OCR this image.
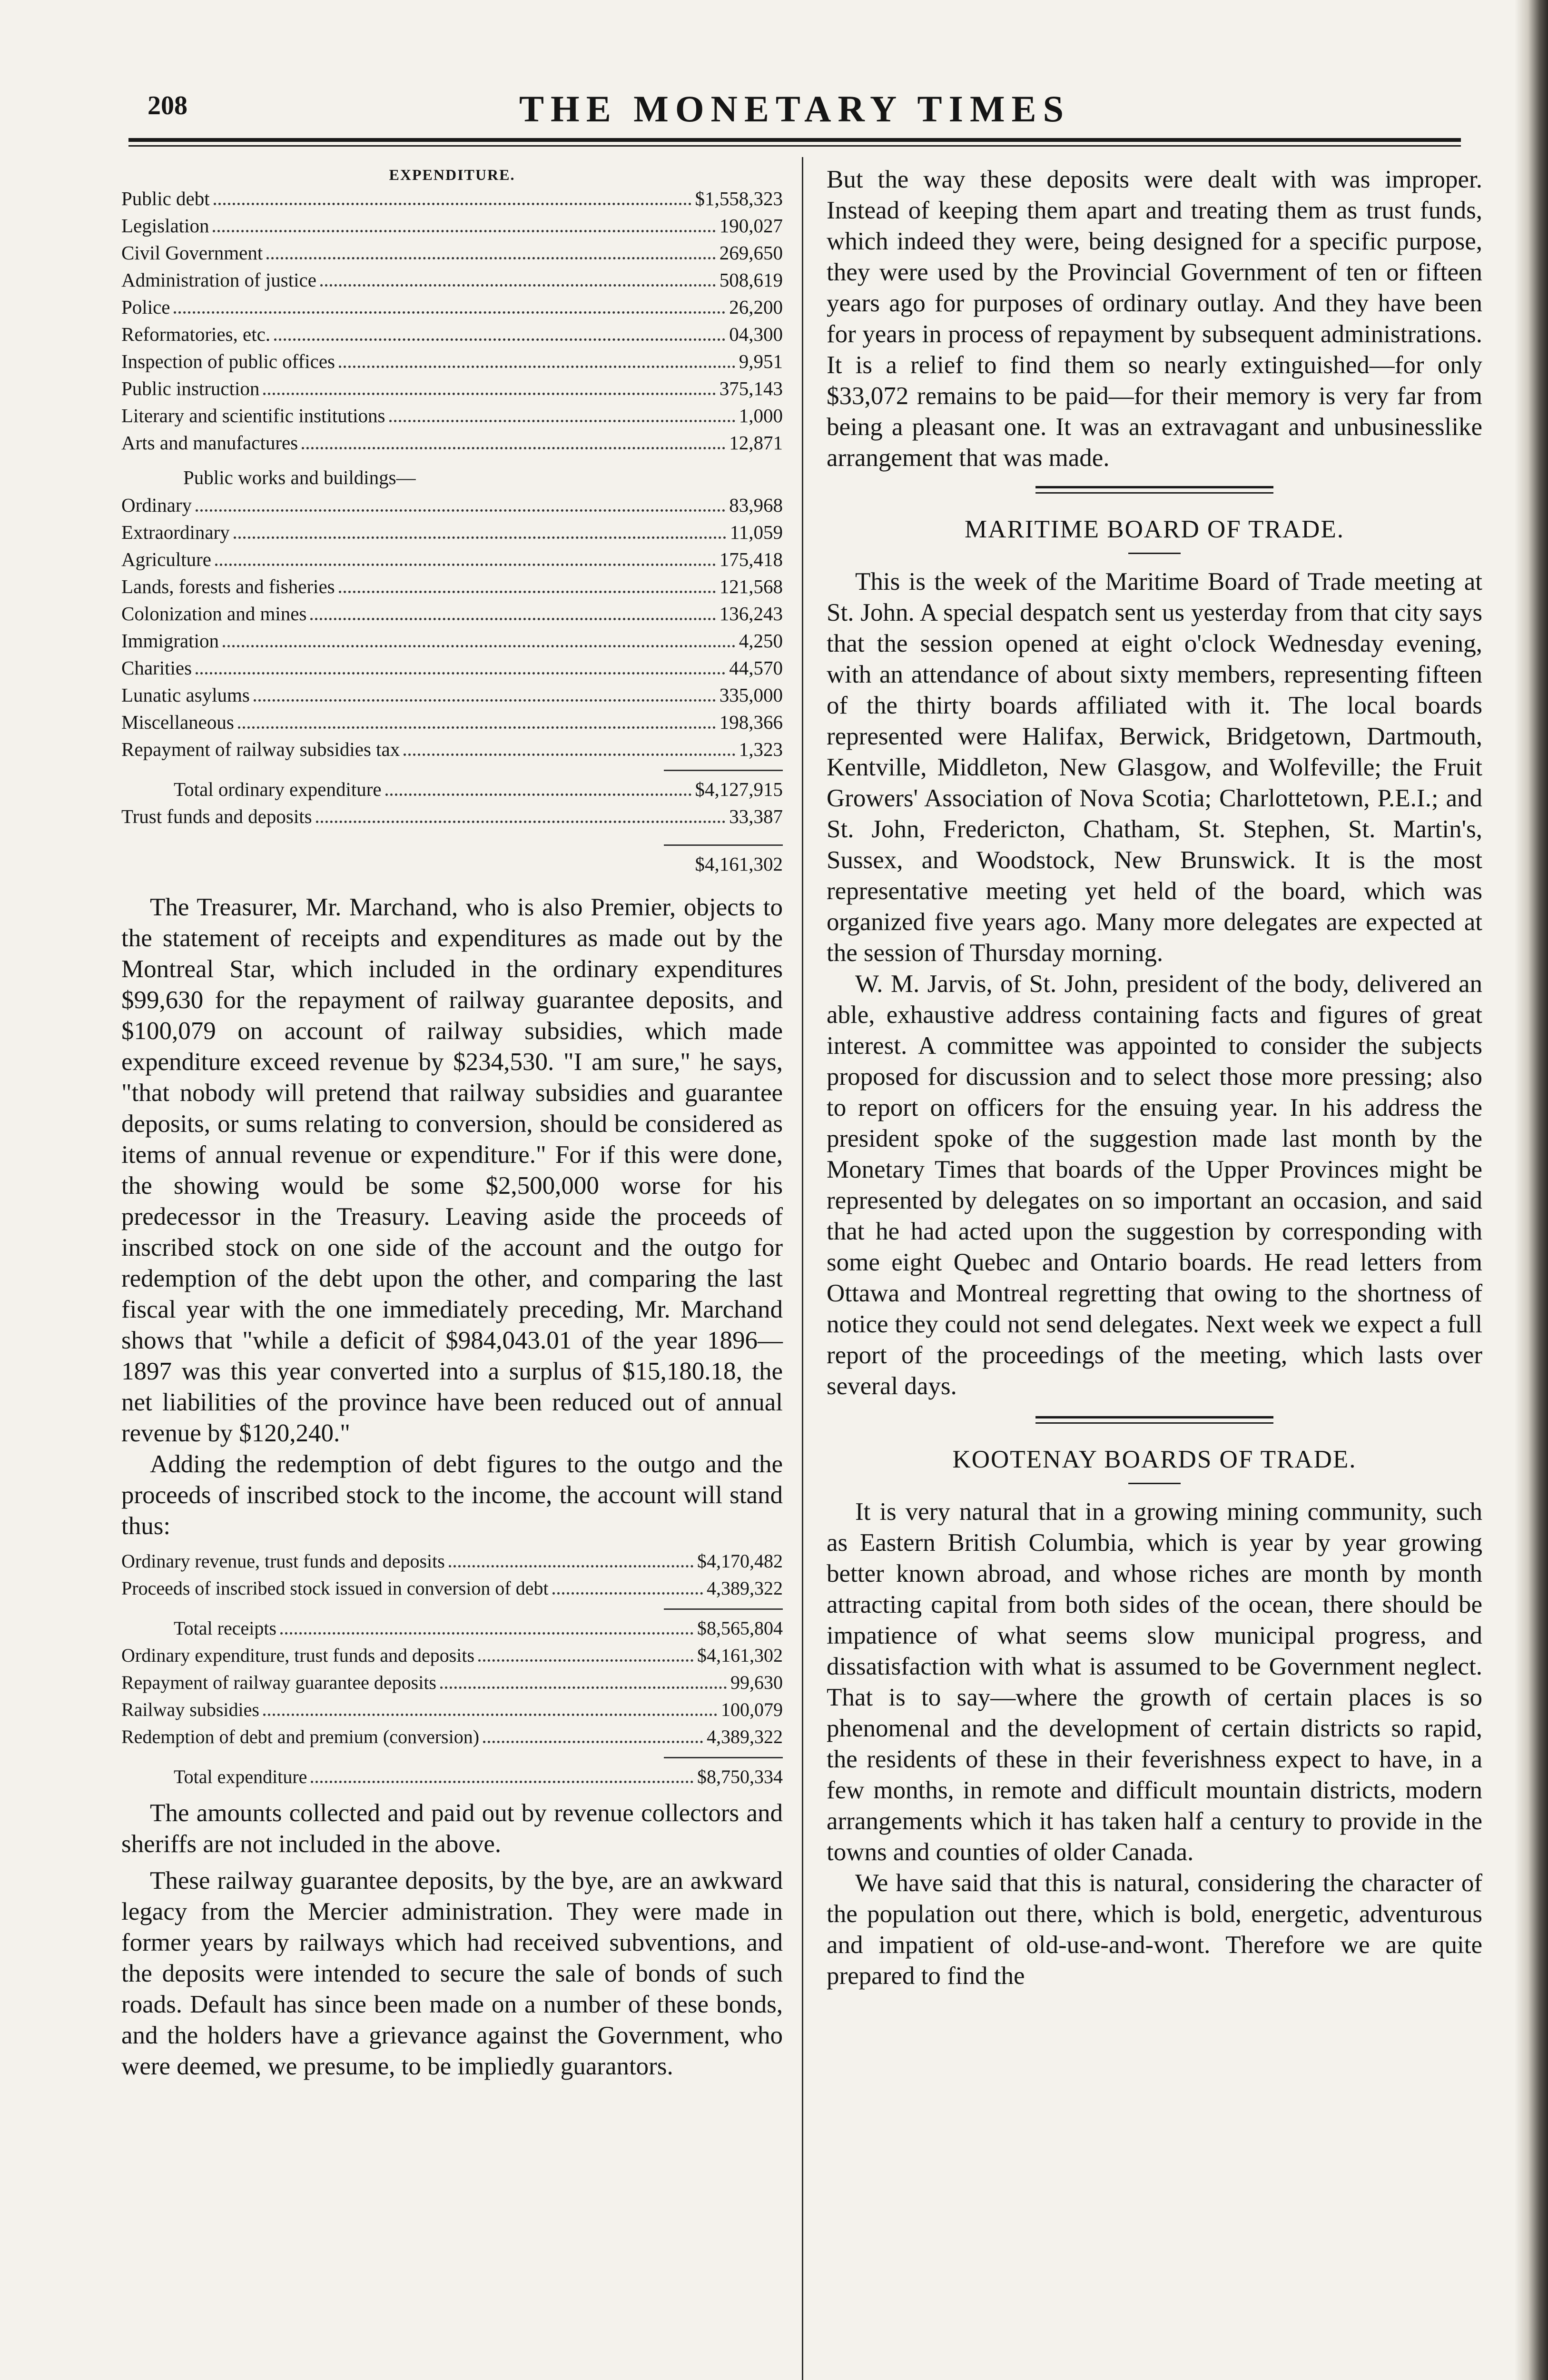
208	THE MONETARY TIMES
EXPENDITURE.
Public debt	$1,558,323
Legislation	190,027
Civil Government	269,650
Administration of justice	508,619
Police	26,200
Reformatories, etc.	04,300
Inspection of public offices	9,951
Public instruction	375,143
Literary and scientific institutions	1,000
Arts and manufactures	12,871
Public works and buildings—
Ordinary	83,968
Extraordinary	11,059
Agriculture	175,418
Lands, forests and fisheries	121,568
Colonization and mines	136,243
Immigration	4,250
Charities	44,570
Lunatic asylums	335,000
Miscellaneous	198,366
Repayment of railway subsidies tax	1,323
Total ordinary expenditure	$4,127,915
Trust funds and deposits	33,387
$4,161,302

The Treasurer, Mr. Marchand, who is also Premier, objects to the statement of receipts and expenditures as made out by the Montreal Star, which included in the ordinary expenditures $99,630 for the repayment of railway guarantee deposits, and $100,079 on account of railway subsidies, which made expenditure exceed revenue by $234,530. "I am sure," he says, "that nobody will pretend that railway subsidies and guarantee deposits, or sums relating to conversion, should be considered as items of annual revenue or expenditure." For if this were done, the showing would be some $2,500,000 worse for his predecessor in the Treasury. Leaving aside the proceeds of inscribed stock on one side of the account and the outgo for redemption of the debt upon the other, and comparing the last fiscal year with the one immediately preceding, Mr. Marchand shows that "while a deficit of $984,043.01 of the year 1896—1897 was this year converted into a surplus of $15,180.18, the net liabilities of the province have been reduced out of annual revenue by $120,240."

Adding the redemption of debt figures to the outgo and the proceeds of inscribed stock to the income, the account will stand thus:

Ordinary revenue, trust funds and deposits	$4,170,482
Proceeds of inscribed stock issued in conversion of debt	4,389,322
Total receipts	$8,565,804
Ordinary expenditure, trust funds and deposits	$4,161,302
Repayment of railway guarantee deposits	99,630
Railway subsidies	100,079
Redemption of debt and premium (conversion)	4,389,322
Total expenditure	$8,750,334

The amounts collected and paid out by revenue collectors and sheriffs are not included in the above.

These railway guarantee deposits, by the bye, are an awkward legacy from the Mercier administration. They were made in former years by railways which had received subventions, and the deposits were intended to secure the sale of bonds of such roads. Default has since been made on a number of these bonds, and the holders have a grievance against the Government, who were deemed, we presume, to be impliedly guarantors.

But the way these deposits were dealt with was improper. Instead of keeping them apart and treating them as trust funds, which indeed they were, being designed for a specific purpose, they were used by the Provincial Government of ten or fifteen years ago for purposes of ordinary outlay. And they have been for years in process of repayment by subsequent administrations. It is a relief to find them so nearly extinguished—for only $33,072 remains to be paid—for their memory is very far from being a pleasant one. It was an extravagant and unbusinesslike arrangement that was made.

MARITIME BOARD OF TRADE.

This is the week of the Maritime Board of Trade meeting at St. John. A special despatch sent us yesterday from that city says that the session opened at eight o'clock Wednesday evening, with an attendance of about sixty members, representing fifteen of the thirty boards affiliated with it. The local boards represented were Halifax, Berwick, Bridgetown, Dartmouth, Kentville, Middleton, New Glasgow, and Wolfeville; the Fruit Growers' Association of Nova Scotia; Charlottetown, P.E.I.; and St. John, Fredericton, Chatham, St. Stephen, St. Martin's, Sussex, and Woodstock, New Brunswick. It is the most representative meeting yet held of the board, which was organized five years ago. Many more delegates are expected at the session of Thursday morning.

W. M. Jarvis, of St. John, president of the body, delivered an able, exhaustive address containing facts and figures of great interest. A committee was appointed to consider the subjects proposed for discussion and to select those more pressing; also to report on officers for the ensuing year. In his address the president spoke of the suggestion made last month by the Monetary Times that boards of the Upper Provinces might be represented by delegates on so important an occasion, and said that he had acted upon the suggestion by corresponding with some eight Quebec and Ontario boards. He read letters from Ottawa and Montreal regretting that owing to the shortness of notice they could not send delegates. Next week we expect a full report of the proceedings of the meeting, which lasts over several days.

KOOTENAY BOARDS OF TRADE.

It is very natural that in a growing mining community, such as Eastern British Columbia, which is year by year growing better known abroad, and whose riches are month by month attracting capital from both sides of the ocean, there should be impatience of what seems slow municipal progress, and dissatisfaction with what is assumed to be Government neglect. That is to say—where the growth of certain places is so phenomenal and the development of certain districts so rapid, the residents of these in their feverishness expect to have, in a few months, in remote and difficult mountain districts, modern arrangements which it has taken half a century to provide in the towns and counties of older Canada.

We have said that this is natural, considering the character of the population out there, which is bold, energetic, adventurous and impatient of old-use-and-wont. Therefore we are quite prepared to find the
